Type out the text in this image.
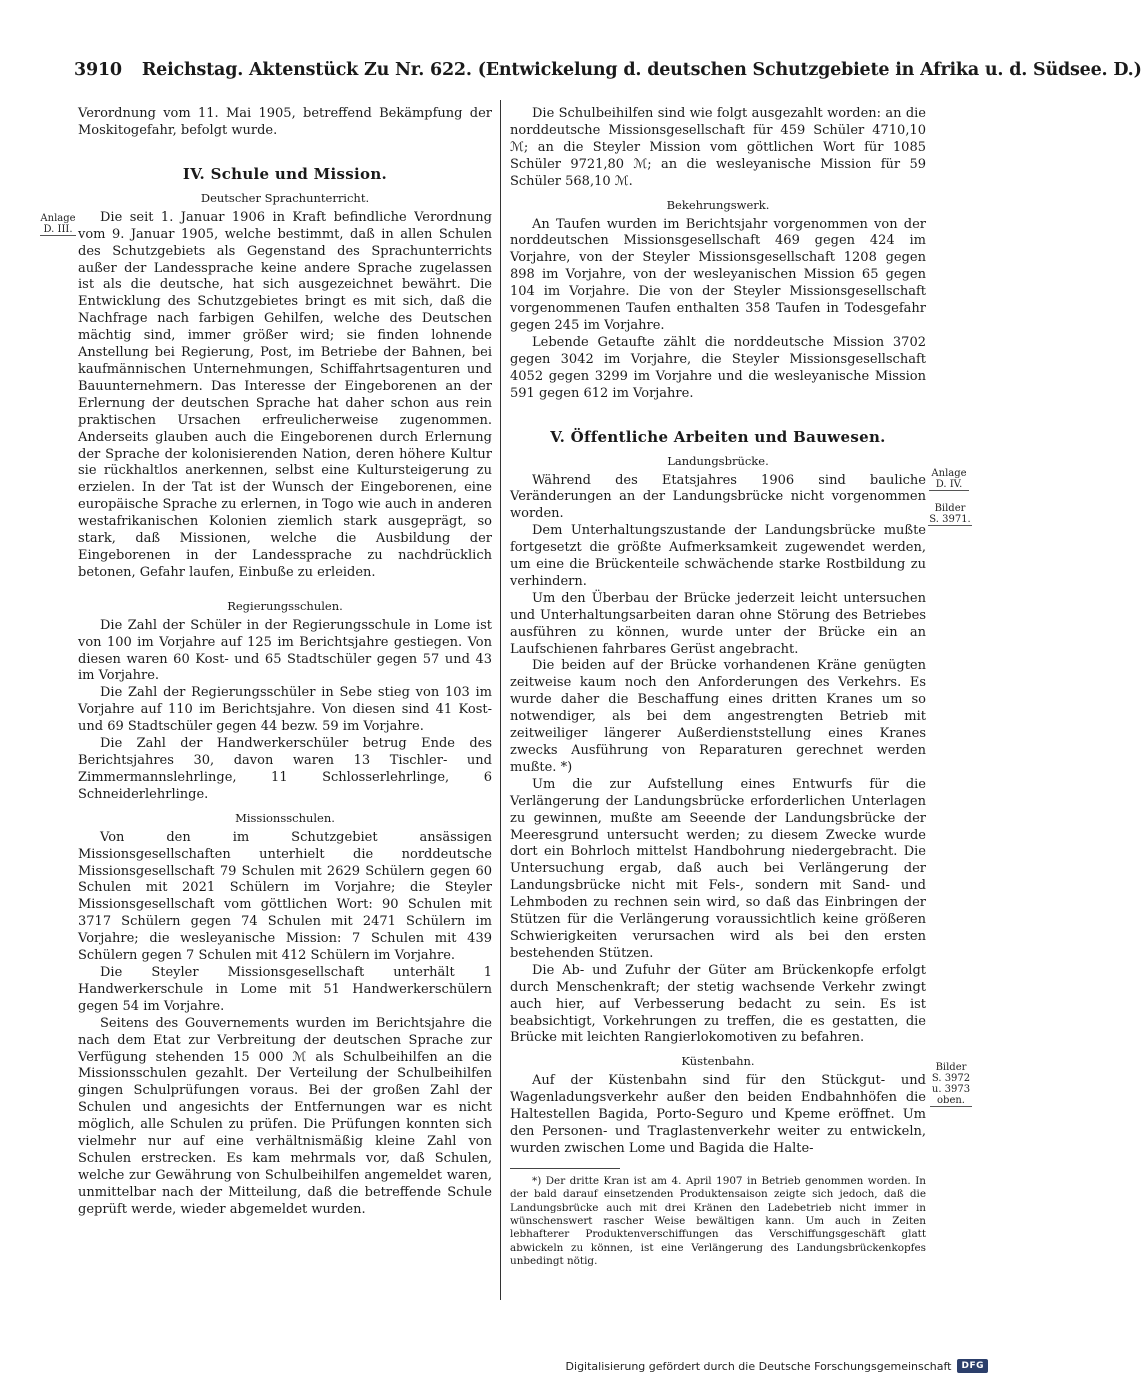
3910 Reichstag. Aktenstück Zu Nr. 622. (Entwickelung d. deutschen Schutzgebiete in Afrika u. d. Südsee. D.)

Verordnung vom 11. Mai 1905, betreffend Bekämpfung der Moskitogefahr, befolgt wurde.

IV. Schule und Mission.
Deutscher Sprachunterricht.

Die seit 1. Januar 1906 in Kraft befindliche Verordnung vom 9. Januar 1905, welche bestimmt, daß in allen Schulen des Schutzgebiets als Gegenstand des Sprachunterrichts außer der Landessprache keine andere Sprache zugelassen ist als die deutsche, hat sich ausgezeichnet bewährt. Die Entwicklung des Schutzgebietes bringt es mit sich, daß die Nachfrage nach farbigen Gehilfen, welche des Deutschen mächtig sind, immer größer wird; sie finden lohnende Anstellung bei Regierung, Post, im Betriebe der Bahnen, bei kaufmännischen Unternehmungen, Schiffahrtsagenturen und Bauunternehmern. Das Interesse der Eingeborenen an der Erlernung der deutschen Sprache hat daher schon aus rein praktischen Ursachen erfreulicherweise zugenommen. Anderseits glauben auch die Eingeborenen durch Erlernung der Sprache der kolonisierenden Nation, deren höhere Kultur sie rückhaltlos anerkennen, selbst eine Kultursteigerung zu erzielen. In der Tat ist der Wunsch der Eingeborenen, eine europäische Sprache zu erlernen, in Togo wie auch in anderen westafrikanischen Kolonien ziemlich stark ausgeprägt, so stark, daß Missionen, welche die Ausbildung der Eingeborenen in der Landessprache zu nachdrücklich betonen, Gefahr laufen, Einbuße zu erleiden.

Regierungsschulen.

Die Zahl der Schüler in der Regierungsschule in Lome ist von 100 im Vorjahre auf 125 im Berichtsjahre gestiegen. Von diesen waren 60 Kost- und 65 Stadtschüler gegen 57 und 43 im Vorjahre.

Die Zahl der Regierungsschüler in Sebe stieg von 103 im Vorjahre auf 110 im Berichtsjahre. Von diesen sind 41 Kost- und 69 Stadtschüler gegen 44 bezw. 59 im Vorjahre.

Die Zahl der Handwerkerschüler betrug Ende des Berichtsjahres 30, davon waren 13 Tischler- und Zimmermannslehrlinge, 11 Schlosserlehrlinge, 6 Schneiderlehrlinge.

Missionsschulen.

Von den im Schutzgebiet ansässigen Missionsgesellschaften unterhielt die norddeutsche Missionsgesellschaft 79 Schulen mit 2629 Schülern gegen 60 Schulen mit 2021 Schülern im Vorjahre; die Steyler Missionsgesellschaft vom göttlichen Wort: 90 Schulen mit 3717 Schülern gegen 74 Schulen mit 2471 Schülern im Vorjahre; die wesleyanische Mission: 7 Schulen mit 439 Schülern gegen 7 Schulen mit 412 Schülern im Vorjahre.

Die Steyler Missionsgesellschaft unterhält 1 Handwerkerschule in Lome mit 51 Handwerkerschülern gegen 54 im Vorjahre.

Seitens des Gouvernements wurden im Berichtsjahre die nach dem Etat zur Verbreitung der deutschen Sprache zur Verfügung stehenden 15 000 ℳ als Schulbeihilfen an die Missionsschulen gezahlt. Der Verteilung der Schulbeihilfen gingen Schulprüfungen voraus. Bei der großen Zahl der Schulen und angesichts der Entfernungen war es nicht möglich, alle Schulen zu prüfen. Die Prüfungen konnten sich vielmehr nur auf eine verhältnismäßig kleine Zahl von Schulen erstrecken. Es kam mehrmals vor, daß Schulen, welche zur Gewährung von Schulbeihilfen angemeldet waren, unmittelbar nach der Mitteilung, daß die betreffende Schule geprüft werde, wieder abgemeldet wurden.

Die Schulbeihilfen sind wie folgt ausgezahlt worden: an die norddeutsche Missionsgesellschaft für 459 Schüler 4710,10 ℳ; an die Steyler Mission vom göttlichen Wort für 1085 Schüler 9721,80 ℳ; an die wesleyanische Mission für 59 Schüler 568,10 ℳ.

Bekehrungswerk.

An Taufen wurden im Berichtsjahr vorgenommen von der norddeutschen Missionsgesellschaft 469 gegen 424 im Vorjahre, von der Steyler Missionsgesellschaft 1208 gegen 898 im Vorjahre, von der wesleyanischen Mission 65 gegen 104 im Vorjahre. Die von der Steyler Missionsgesellschaft vorgenommenen Taufen enthalten 358 Taufen in Todesgefahr gegen 245 im Vorjahre.

Lebende Getaufte zählt die norddeutsche Mission 3702 gegen 3042 im Vorjahre, die Steyler Missionsgesellschaft 4052 gegen 3299 im Vorjahre und die wesleyanische Mission 591 gegen 612 im Vorjahre.

V. Öffentliche Arbeiten und Bauwesen.
Landungsbrücke.

Während des Etatsjahres 1906 sind bauliche Veränderungen an der Landungsbrücke nicht vorgenommen worden.

Dem Unterhaltungszustande der Landungsbrücke mußte fortgesetzt die größte Aufmerksamkeit zugewendet werden, um eine die Brückenteile schwächende starke Rostbildung zu verhindern.

Um den Überbau der Brücke jederzeit leicht untersuchen und Unterhaltungsarbeiten daran ohne Störung des Betriebes ausführen zu können, wurde unter der Brücke ein an Laufschienen fahrbares Gerüst angebracht.

Die beiden auf der Brücke vorhandenen Kräne genügten zeitweise kaum noch den Anforderungen des Verkehrs. Es wurde daher die Beschaffung eines dritten Kranes um so notwendiger, als bei dem angestrengten Betrieb mit zeitweiliger längerer Außerdienststellung eines Kranes zwecks Ausführung von Reparaturen gerechnet werden mußte. *)

Um die zur Aufstellung eines Entwurfs für die Verlängerung der Landungsbrücke erforderlichen Unterlagen zu gewinnen, mußte am Seeende der Landungsbrücke der Meeresgrund untersucht werden; zu diesem Zwecke wurde dort ein Bohrloch mittelst Handbohrung niedergebracht. Die Untersuchung ergab, daß auch bei Verlängerung der Landungsbrücke nicht mit Fels-, sondern mit Sand- und Lehmboden zu rechnen sein wird, so daß das Einbringen der Stützen für die Verlängerung voraussichtlich keine größeren Schwierigkeiten verursachen wird als bei den ersten bestehenden Stützen.

Die Ab- und Zufuhr der Güter am Brückenkopfe erfolgt durch Menschenkraft; der stetig wachsende Verkehr zwingt auch hier, auf Verbesserung bedacht zu sein. Es ist beabsichtigt, Vorkehrungen zu treffen, die es gestatten, die Brücke mit leichten Rangierlokomotiven zu befahren.

Küstenbahn.

Auf der Küstenbahn sind für den Stückgut- und Wagenladungsverkehr außer den beiden Endbahnhöfen die Haltestellen Bagida, Porto-Seguro und Kpeme eröffnet. Um den Personen- und Traglastenverkehr weiter zu entwickeln, wurden zwischen Lome und Bagida die Halte-

*) Der dritte Kran ist am 4. April 1907 in Betrieb genommen worden. In der bald darauf einsetzenden Produktensaison zeigte sich jedoch, daß die Landungsbrücke auch mit drei Kränen den Ladebetrieb nicht immer in wünschenswert rascher Weise bewältigen kann. Um auch in Zeiten lebhafterer Produktenverschiffungen das Verschiffungsgeschäft glatt abwickeln zu können, ist eine Verlängerung des Landungsbrückenkopfes unbedingt nötig.

Anlage
D. III.
Anlage
D. IV.
Bilder
S. 3971.
Bilder
S. 3972
u. 3973
oben.
Digitalisierung gefördert durch die Deutsche Forschungsgemeinschaft	DFG
